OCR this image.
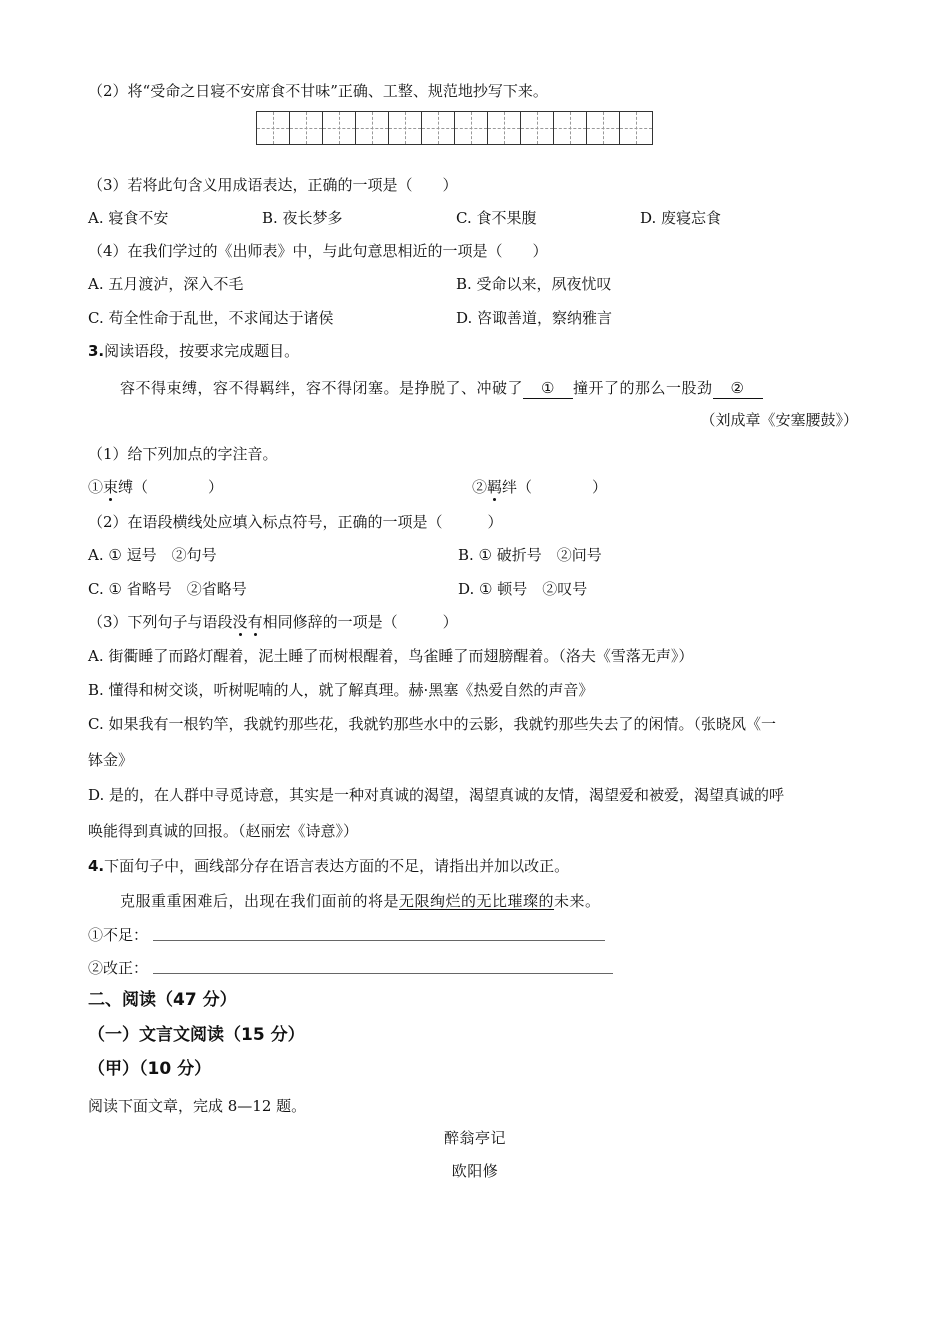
（2）将“受命之日寝不安席食不甘味”正确、工整、规范地抄写下来。
（3）若将此句含义用成语表达，正确的一项是（　　）
A. 寝食不安	B. 夜长梦多	C. 食不果腹	D. 废寝忘食
（4）在我们学过的《出师表》中，与此句意思相近的一项是（　　）
A. 五月渡泸，深入不毛	B. 受命以来，夙夜忧叹
C. 苟全性命于乱世，不求闻达于诸侯	D. 咨诹善道，察纳雅言
3.阅读语段，按要求完成题目。
容不得束缚，容不得羁绊，容不得闭塞。是挣脱了、冲破了 ① 撞开了的那么一股劲 ②
（刘成章《安塞腰鼓》）
（1）给下列加点的字注音。
①束缚（　　　　）	②羁绊（　　　　）
（2）在语段横线处应填入标点符号，正确的一项是（　　　）
A. ① 逗号　②句号	B. ① 破折号　②问号
C. ① 省略号　②省略号	D. ① 顿号　②叹号
（3）下列句子与语段没有相同修辞的一项是（　　　）
A. 街衢睡了而路灯醒着，泥土睡了而树根醒着，鸟雀睡了而翅膀醒着。（洛夫《雪落无声》）
B. 懂得和树交谈，听树呢喃的人，就了解真理。赫·黑塞《热爱自然的声音》
C. 如果我有一根钓竿，我就钓那些花，我就钓那些水中的云影，我就钓那些失去了的闲情。（张晓风《一
钵金》
D. 是的，在人群中寻觅诗意，其实是一种对真诚的渴望，渴望真诚的友情，渴望爱和被爱，渴望真诚的呼
唤能得到真诚的回报。（赵丽宏《诗意》）
4.下面句子中，画线部分存在语言表达方面的不足，请指出并加以改正。
克服重重困难后，出现在我们面前的将是无限绚烂的无比璀璨的未来。
①不足：
②改正：
二、阅读（47 分）
（一）文言文阅读（15 分）
（甲）（10 分）
阅读下面文章，完成 8—12 题。
醉翁亭记
欧阳修
